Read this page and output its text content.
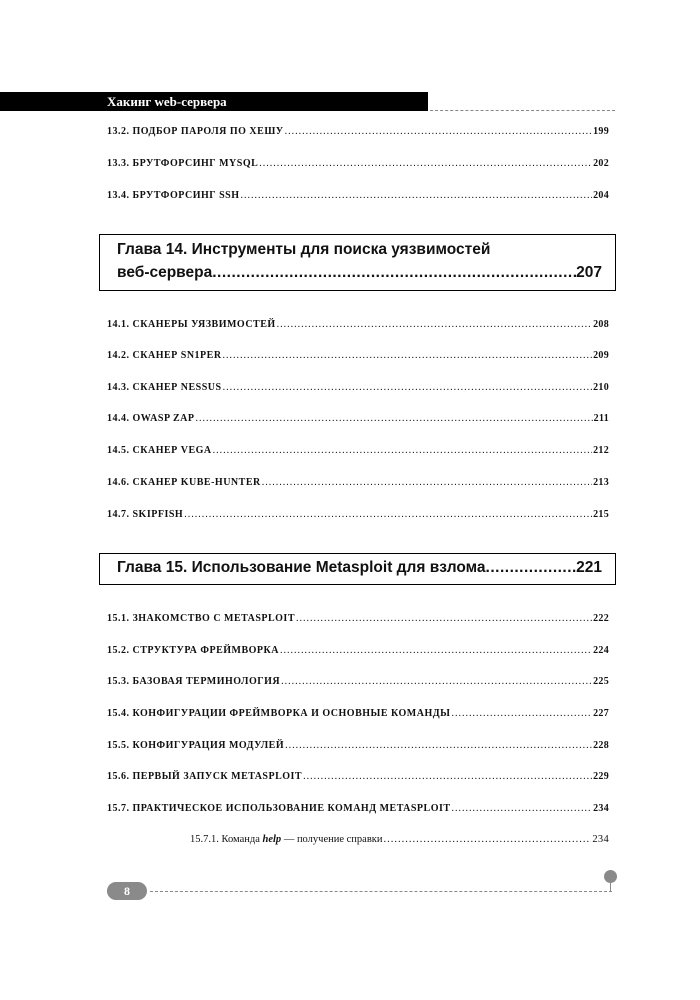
Хакинг web-сервера
13.2. ПОДБОР ПАРОЛЯ ПО ХЕШУ .....	199
13.3. БРУТФОРСИНГ MYSQL .....	202
13.4. БРУТФОРСИНГ SSH .....	204
Глава 14. Инструменты для поиска уязвимостей
веб-сервера .....	207
14.1. СКАНЕРЫ УЯЗВИМОСТЕЙ .....	208
14.2. СКАНЕР SN1PER .....	209
14.3. СКАНЕР NESSUS .....	210
14.4. OWASP ZAP .....	211
14.5. СКАНЕР VEGA .....	212
14.6. СКАНЕР KUBE-HUNTER .....	213
14.7. SKIPFISH .....	215
Глава 15. Использование Metasploit для взлома .....	221
15.1. ЗНАКОМСТВО С METASPLOIT .....	222
15.2. СТРУКТУРА ФРЕЙМВОРКА .....	224
15.3. БАЗОВАЯ ТЕРМИНОЛОГИЯ .....	225
15.4. КОНФИГУРАЦИИ ФРЕЙМВОРКА И ОСНОВНЫЕ КОМАНДЫ .....	227
15.5. КОНФИГУРАЦИЯ МОДУЛЕЙ .....	228
15.6. ПЕРВЫЙ ЗАПУСК METASPLOIT .....	229
15.7. ПРАКТИЧЕСКОЕ ИСПОЛЬЗОВАНИЕ КОМАНД METASPLOIT .....	234
15.7.1. Команда help — получение справки .....	234
8
